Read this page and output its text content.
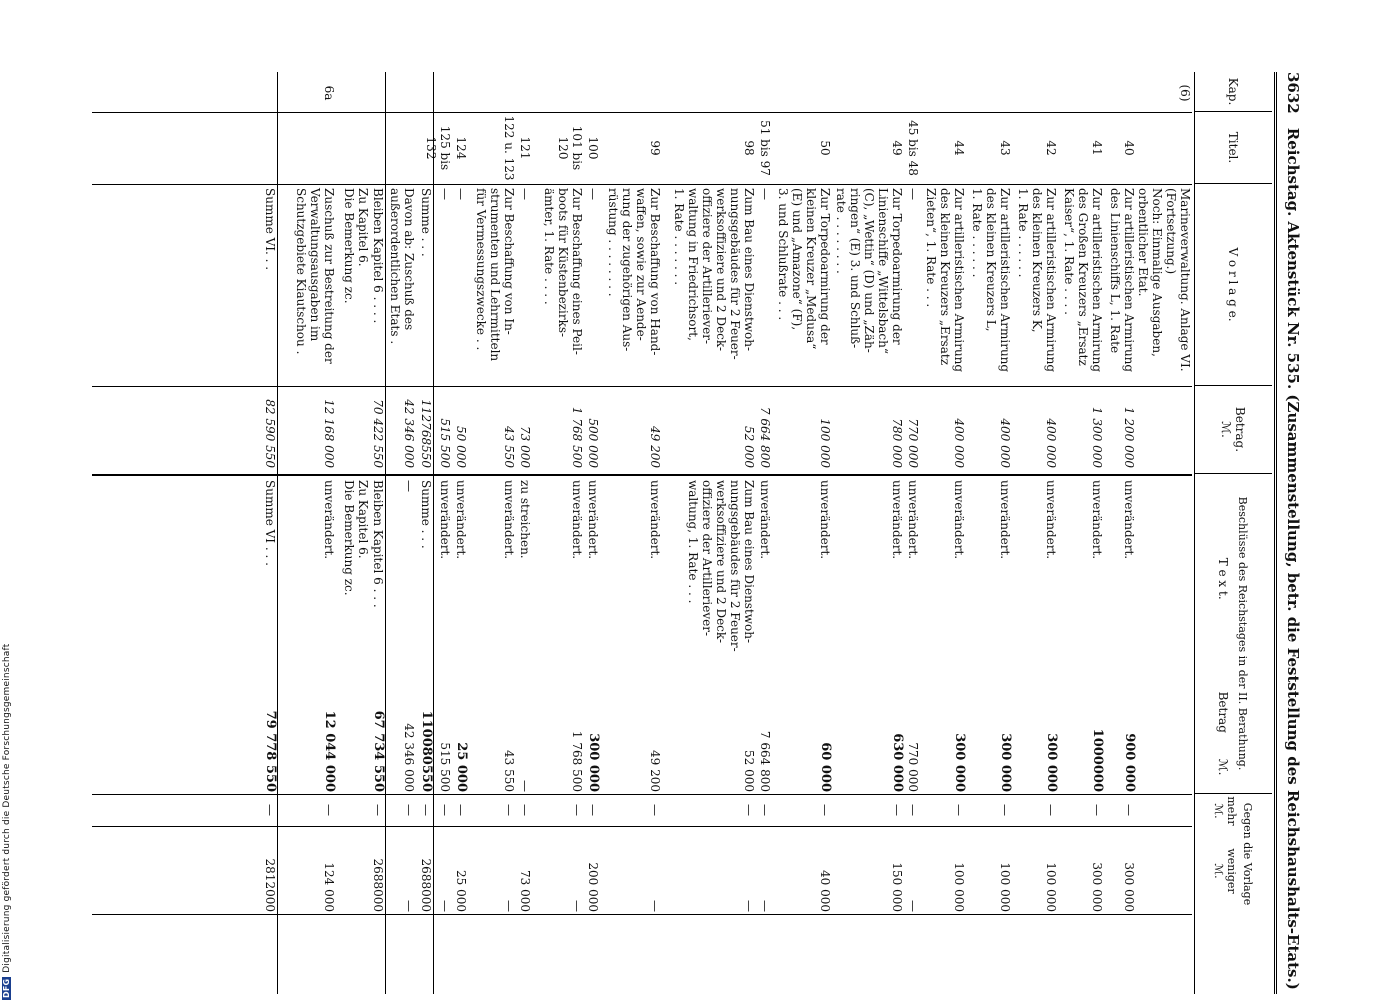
DFGDigitalisierung gefördert durch die Deutsche Forschungsgemeinschaft
3632
Reichstag. Aktenstück Nr. 535. (Zusammenstellung, betr. die Feststellung des Reichshaushalts-Etats.)
Kap.
Titel.
V o r l a g e.
Betrag.
ℳ.
Beschlüsse des Reichstages in der II. Berathung.
T e x t.
Betrag
ℳ.
Gegen die Vorlage
mehr
weniger
ℳ.
ℳ.
(6)
Marineverwaltung. Anlage VI.
(Fortsetzung.)
Noch: Einmalige Ausgaben,
orbentlicher Etat.
40
Zur artilleristischen Armirung
des Linienschiffs L, 1. Rate
1 200 000
unverändert.
900 000
—
300 000
41
Zur artilleristischen Armirung
des Großen Kreuzers „Ersatz
Kaiser“, 1. Rate . . . .
1 300 000
unverändert.
1000000
—
300 000
42
Zur artilleristischen Armirung
des kleinen Kreuzers K,
1. Rate . . . . . .
400 000
unverändert.
300 000
—
100 000
43
Zur artilleristischen Armirung
des kleinen Kreuzers L,
1. Rate . . . . . .
400 000
unverändert.
300 000
—
100 000
44
Zur artilleristischen Armirung
des kleinen Kreuzers „Ersatz
Zieten“, 1. Rate . . .
400 000
unverändert.
300 000
—
100 000
45 bis 48
—
770 000
unverändert.
770 000
—
—
49
Zur Torpedoarmirung der
Linienschiffe „Wittelsbach“
(C), „Wettin“ (D) und „Zäh-
ringen“ (E) 3. und Schluß-
rate . . . . . . . .
780 000
unverändert.
630 000
—
150 000
50
Zur Torpedoarmirung der
kleinen Kreuzer „Medusa“
(E) und „Amazone“ (F),
3. und Schlußrate . . .
100 000
unverändert.
60 000
—
40 000
51 bis 97
—
7 664 800
unverändert.
7 664 800
—
—
98
Zum Bau eines Dienstwoh-
nungsgebäudes für 2 Feuer-
werksoffiziere und 2 Deck-
offiziere der Artilleriever-
waltung in Friedrichsort,
1. Rate . . . . . . .
52 000
Zum Bau eines Dienstwoh-
nungsgebäudes für 2 Feuer-
werksoffiziere und 2 Deck-
offiziere der Artilleriever-
waltung, 1. Rate . . .
52 000
—
—
99
Zur Beschaffung von Hand-
waffen, sowie zur Aende-
rung der zugehörigen Aus-
rüstung . . . . . . . .
49 200
unverändert.
49 200
—
—
100
—
500 000
unverändert.
300 000
—
200 000
101 bis 120
Zur Beschaffung eines Peil-
boots für Küstenbezirks-
ämter, 1. Rate . . . .
1 768 500
unverändert.
1 768 500
—
—
121
—
73 000
zu streichen.
—
—
73 000
122 u. 123
Zur Beschaffung von In-
strumenten und Lehrmitteln
für Vermessungszwecke . .
43 550
unverändert.
43 550
—
—
124
—
50 000
unverändert.
25 000
—
25 000
125 bis 132
—
515 500
unverändert.
515 500
—
—
Summe . . .
112768550
Summe . . .
110080550
—
2688000
Davon ab: Zuschuß des
außerordentlichen Etats .
42 346 000
—
42 346 000
—
—
Bleiben Kapitel 6 . . . .
70 422 550
Bleiben Kapitel 6 . . .
67 734 550
—
2688000
Zu Kapitel 6.
Die Bemerkung zc.
Zu Kapitel 6.
Die Bemerkung zc.
6a
Zuschuß zur Bestreitung der
Verwaltungsausgaben im
Schutzgebiete Kiautschou .
12 168 000
unverändert.
12 044 000
—
124 000
Summe VI. . .
82 590 550
Summe VI . . .
79 778 550
—
2812000
